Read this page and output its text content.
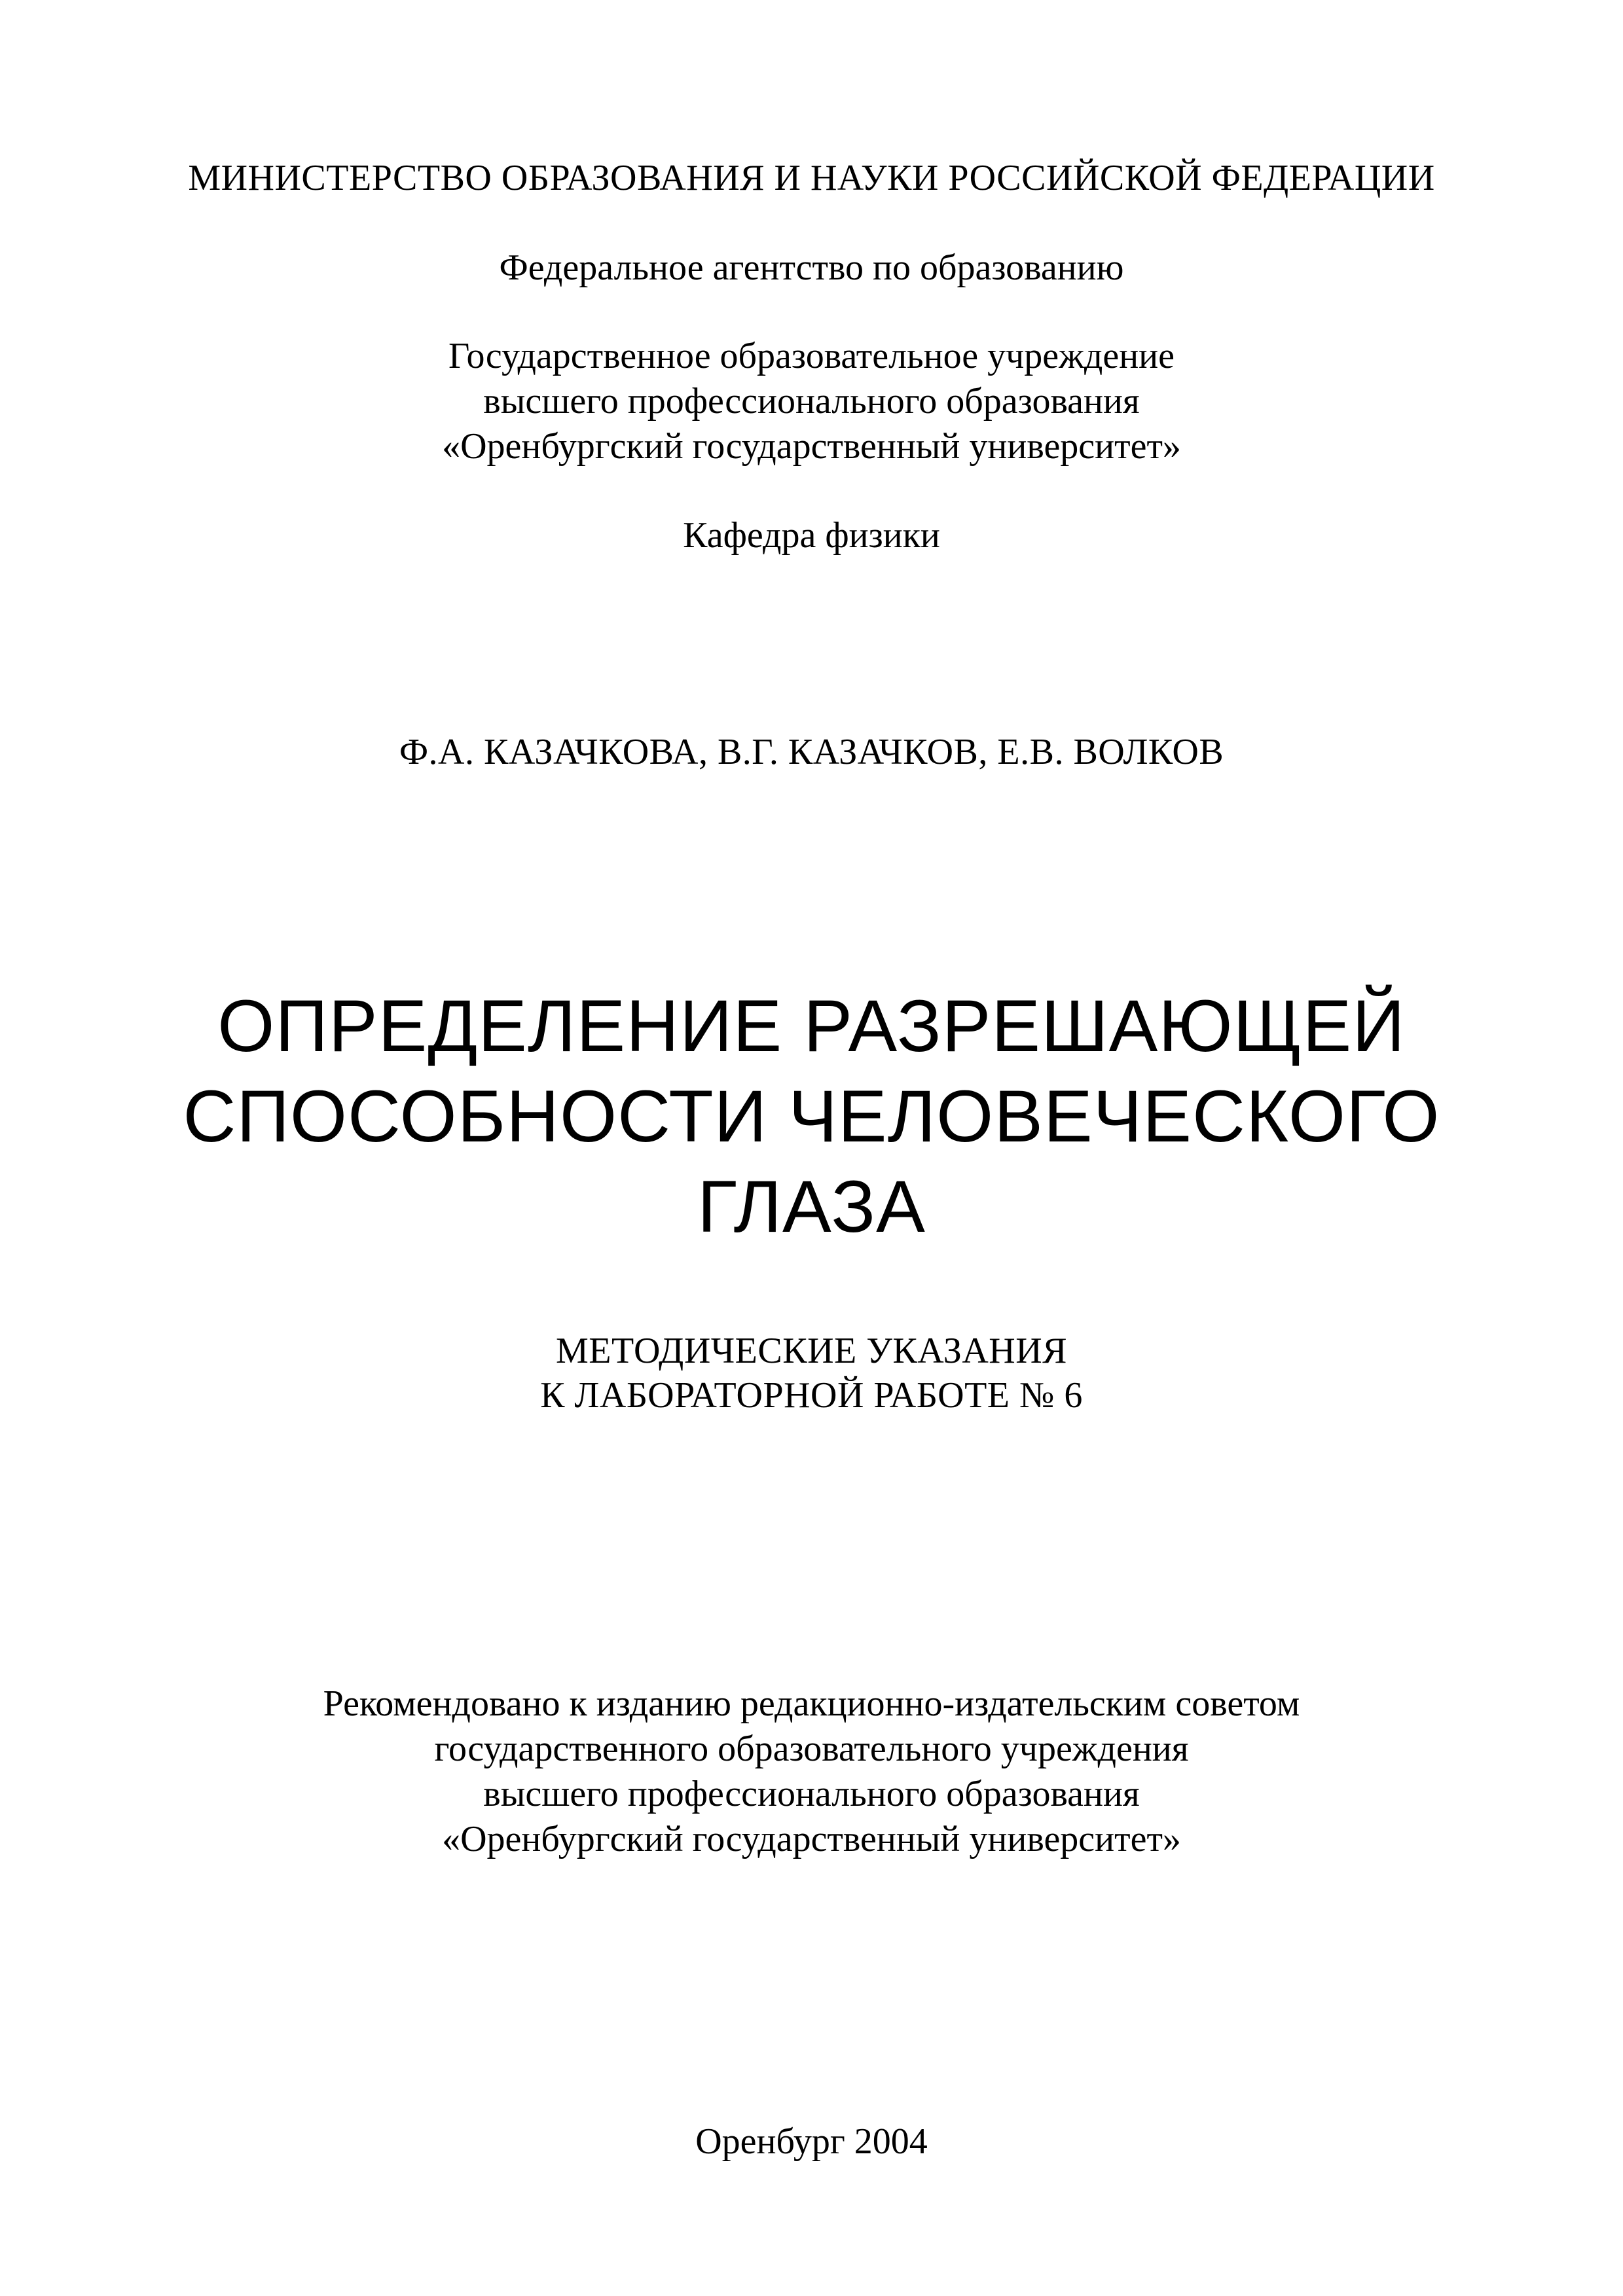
МИНИСТЕРСТВО ОБРАЗОВАНИЯ И НАУКИ РОССИЙСКОЙ ФЕДЕРАЦИИ
Федеральное агентство по образованию
Государственное образовательное учреждение
высшего профессионального образования
«Оренбургский государственный университет»
Кафедра физики
Ф.А. КАЗАЧКОВА, В.Г. КАЗАЧКОВ, Е.В. ВОЛКОВ
ОПРЕДЕЛЕНИЕ РАЗРЕШАЮЩЕЙ
СПОСОБНОСТИ ЧЕЛОВЕЧЕСКОГО
ГЛАЗА
МЕТОДИЧЕСКИЕ УКАЗАНИЯ
К ЛАБОРАТОРНОЙ РАБОТЕ № 6
Рекомендовано к изданию редакционно-издательским советом
государственного образовательного учреждения
высшего профессионального образования
«Оренбургский государственный университет»
Оренбург 2004
